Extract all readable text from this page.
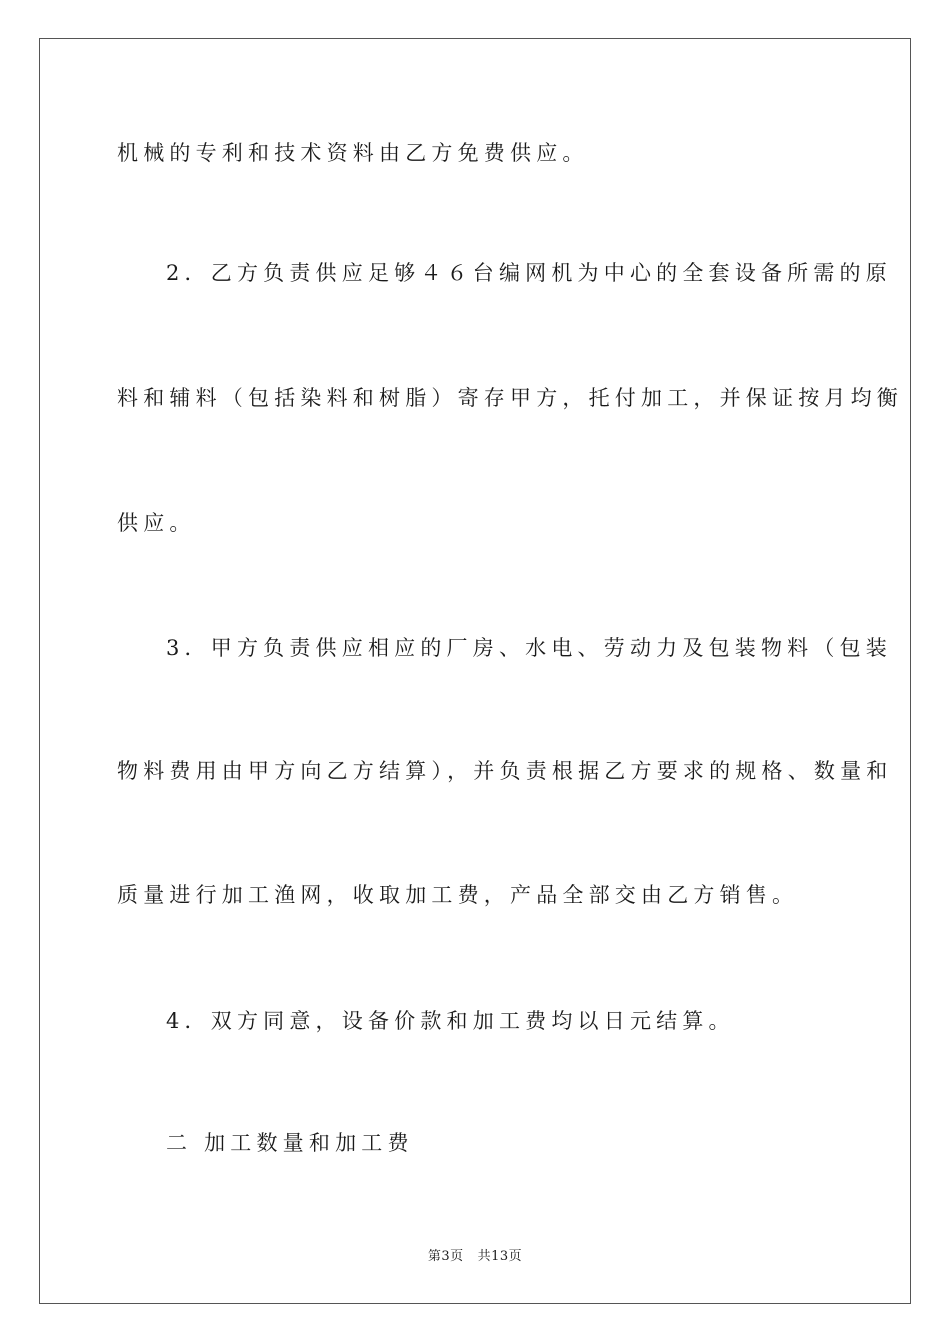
机械的专利和技术资料由乙方免费供应。
2．乙方负责供应足够４６台编网机为中心的全套设备所需的原
料和辅料（包括染料和树脂）寄存甲方，托付加工，并保证按月均衡
供应。
3．甲方负责供应相应的厂房、水电、劳动力及包装物料（包装
物料费用由甲方向乙方结算），并负责根据乙方要求的规格、数量和
质量进行加工渔网，收取加工费，产品全部交由乙方销售。
4．双方同意，设备价款和加工费均以日元结算。
二 加工数量和加工费
第3页 共13页
